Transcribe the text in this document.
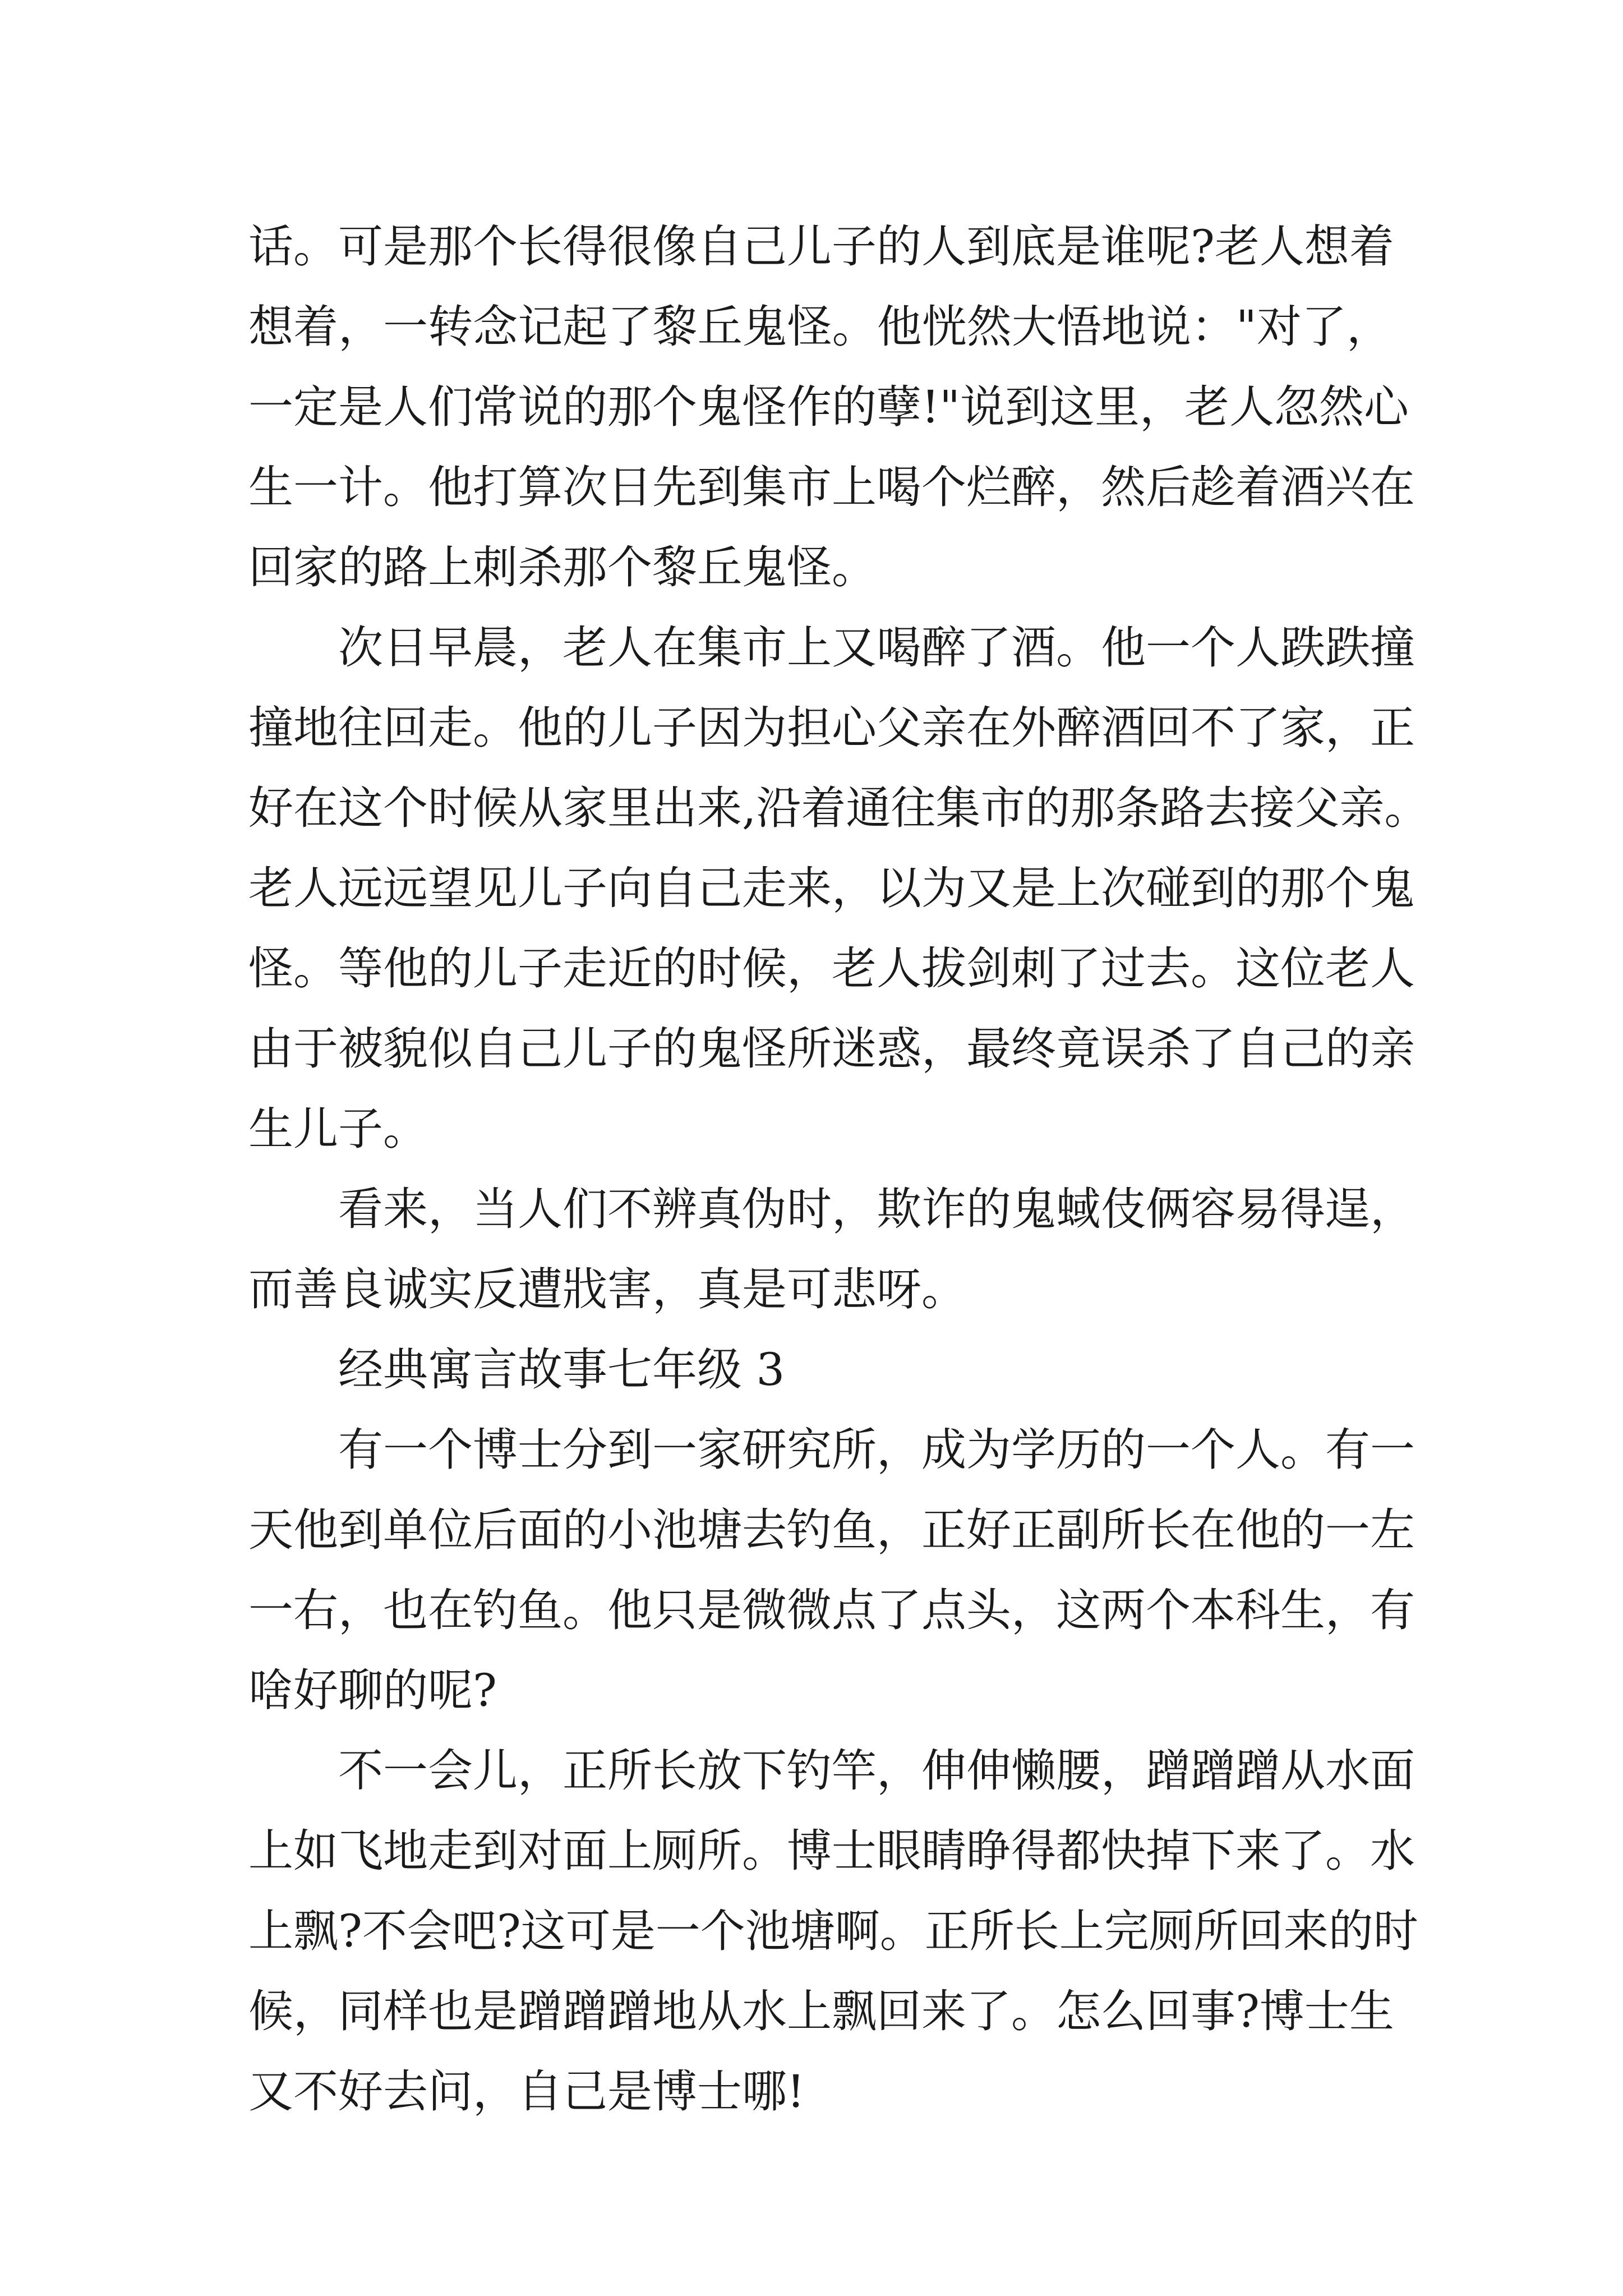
话。可是那个长得很像自己儿子的人到底是谁呢?老人想着
想着，一转念记起了黎丘鬼怪。他恍然大悟地说："对了，
一定是人们常说的那个鬼怪作的孽!"说到这里，老人忽然心
生一计。他打算次日先到集市上喝个烂醉，然后趁着酒兴在
回家的路上刺杀那个黎丘鬼怪。
次日早晨，老人在集市上又喝醉了酒。他一个人跌跌撞
撞地往回走。他的儿子因为担心父亲在外醉酒回不了家，正
好在这个时候从家里出来,沿着通往集市的那条路去接父亲。
老人远远望见儿子向自己走来，以为又是上次碰到的那个鬼
怪。等他的儿子走近的时候，老人拔剑刺了过去。这位老人
由于被貌似自己儿子的鬼怪所迷惑，最终竟误杀了自己的亲
生儿子。
看来，当人们不辨真伪时，欺诈的鬼蜮伎俩容易得逞，
而善良诚实反遭戕害，真是可悲呀。
经典寓言故事七年级 3
有一个博士分到一家研究所，成为学历的一个人。有一
天他到单位后面的小池塘去钓鱼，正好正副所长在他的一左
一右，也在钓鱼。他只是微微点了点头，这两个本科生，有
啥好聊的呢?
不一会儿，正所长放下钓竿，伸伸懒腰，蹭蹭蹭从水面
上如飞地走到对面上厕所。博士眼睛睁得都快掉下来了。水
上飘?不会吧?这可是一个池塘啊。正所长上完厕所回来的时
候，同样也是蹭蹭蹭地从水上飘回来了。怎么回事?博士生
又不好去问，自己是博士哪!
